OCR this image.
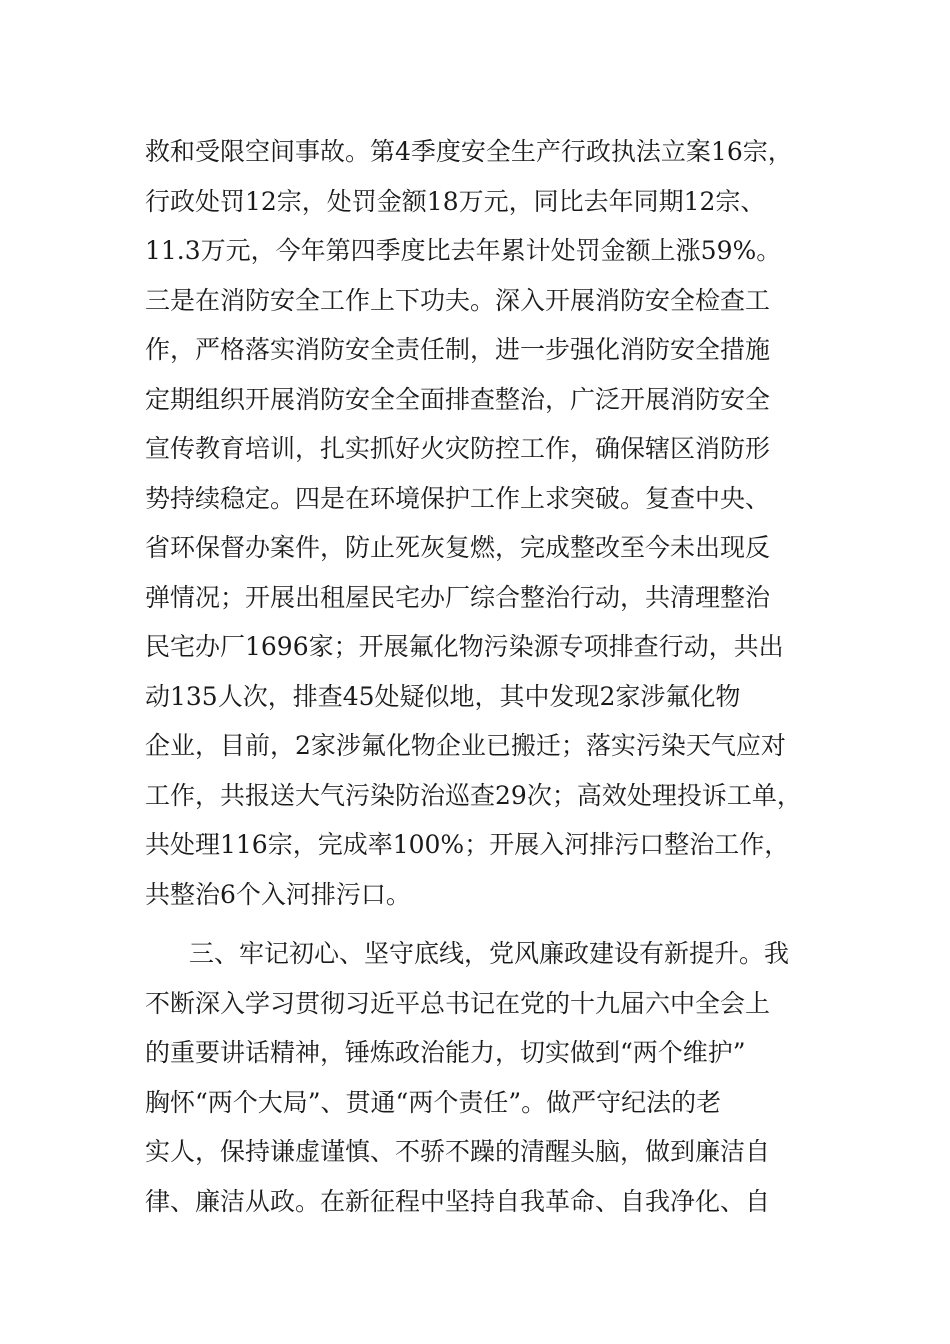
救和受限空间事故。第4季度安全生产行政执法立案16宗，
行政处罚12宗，处罚金额18万元，同比去年同期12宗、
11.3万元，今年第四季度比去年累计处罚金额上涨59%。
三是在消防安全工作上下功夫。深入开展消防安全检查工
作，严格落实消防安全责任制，进一步强化消防安全措施
定期组织开展消防安全全面排查整治，广泛开展消防安全
宣传教育培训，扎实抓好火灾防控工作，确保辖区消防形
势持续稳定。四是在环境保护工作上求突破。复查中央、
省环保督办案件，防止死灰复燃，完成整改至今未出现反
弹情况；开展出租屋民宅办厂综合整治行动，共清理整治
民宅办厂1696家；开展氟化物污染源专项排查行动，共出
动135人次，排查45处疑似地，其中发现2家涉氟化物
企业，目前，2家涉氟化物企业已搬迁；落实污染天气应对
工作，共报送大气污染防治巡查29次；高效处理投诉工单，
共处理116宗，完成率100%；开展入河排污口整治工作，
共整治6个入河排污口。
三、牢记初心、坚守底线，党风廉政建设有新提升。我
不断深入学习贯彻习近平总书记在党的十九届六中全会上
的重要讲话精神，锤炼政治能力，切实做到“两个维护”
胸怀“两个大局”、贯通“两个责任”。做严守纪法的老
实人，保持谦虚谨慎、不骄不躁的清醒头脑，做到廉洁自
律、廉洁从政。在新征程中坚持自我革命、自我净化、自
